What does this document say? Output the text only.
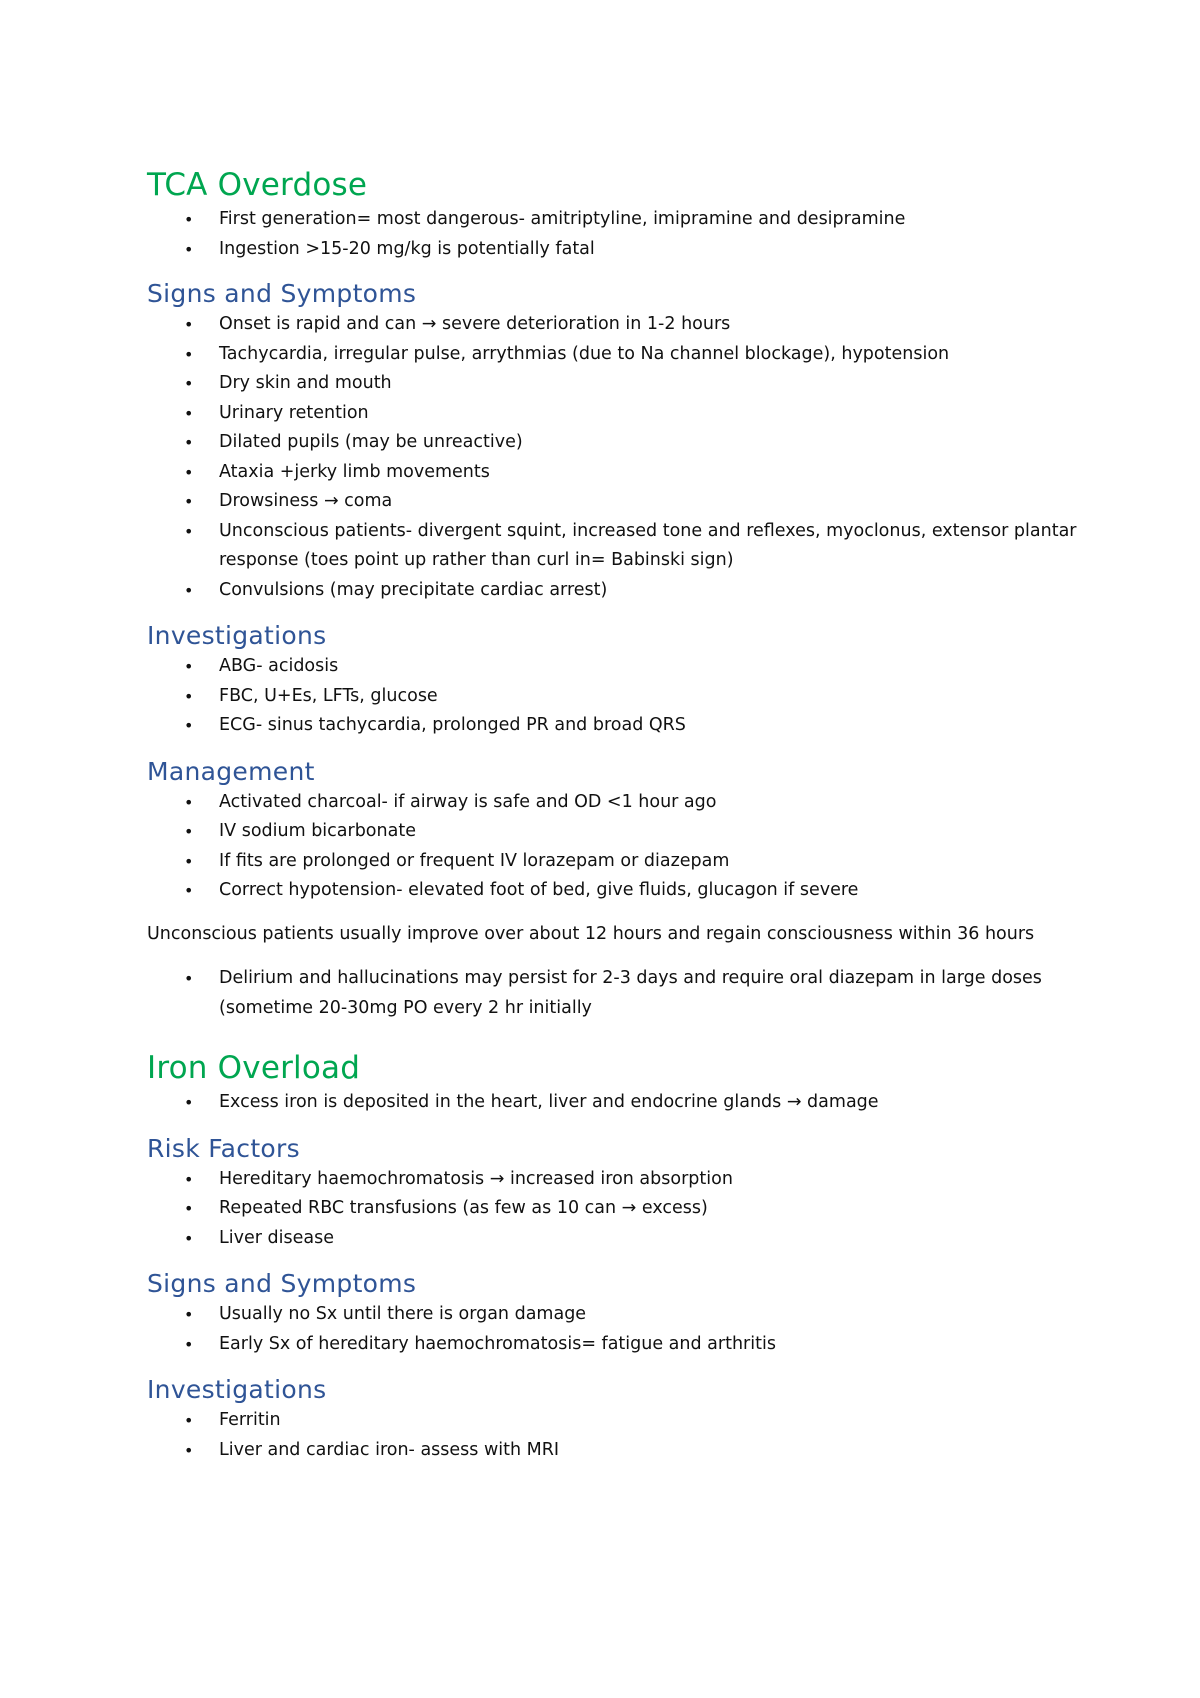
TCA Overdose
• First generation= most dangerous- amitriptyline, imipramine and desipramine
• Ingestion >15-20 mg/kg is potentially fatal
Signs and Symptoms
• Onset is rapid and can → severe deterioration in 1-2 hours
• Tachycardia, irregular pulse, arrythmias (due to Na channel blockage), hypotension
• Dry skin and mouth
• Urinary retention
• Dilated pupils (may be unreactive)
• Ataxia +jerky limb movements
• Drowsiness → coma
• Unconscious patients- divergent squint, increased tone and reflexes, myoclonus, extensor plantar response (toes point up rather than curl in= Babinski sign)
• Convulsions (may precipitate cardiac arrest)
Investigations
• ABG- acidosis
• FBC, U+Es, LFTs, glucose
• ECG- sinus tachycardia, prolonged PR and broad QRS
Management
• Activated charcoal- if airway is safe and OD <1 hour ago
• IV sodium bicarbonate
• If fits are prolonged or frequent IV lorazepam or diazepam
• Correct hypotension- elevated foot of bed, give fluids, glucagon if severe

Unconscious patients usually improve over about 12 hours and regain consciousness within 36 hours

• Delirium and hallucinations may persist for 2-3 days and require oral diazepam in large doses (sometime 20-30mg PO every 2 hr initially
Iron Overload
• Excess iron is deposited in the heart, liver and endocrine glands → damage
Risk Factors
• Hereditary haemochromatosis → increased iron absorption
• Repeated RBC transfusions (as few as 10 can → excess)
• Liver disease
Signs and Symptoms
• Usually no Sx until there is organ damage
• Early Sx of hereditary haemochromatosis= fatigue and arthritis
Investigations
• Ferritin
• Liver and cardiac iron- assess with MRI
